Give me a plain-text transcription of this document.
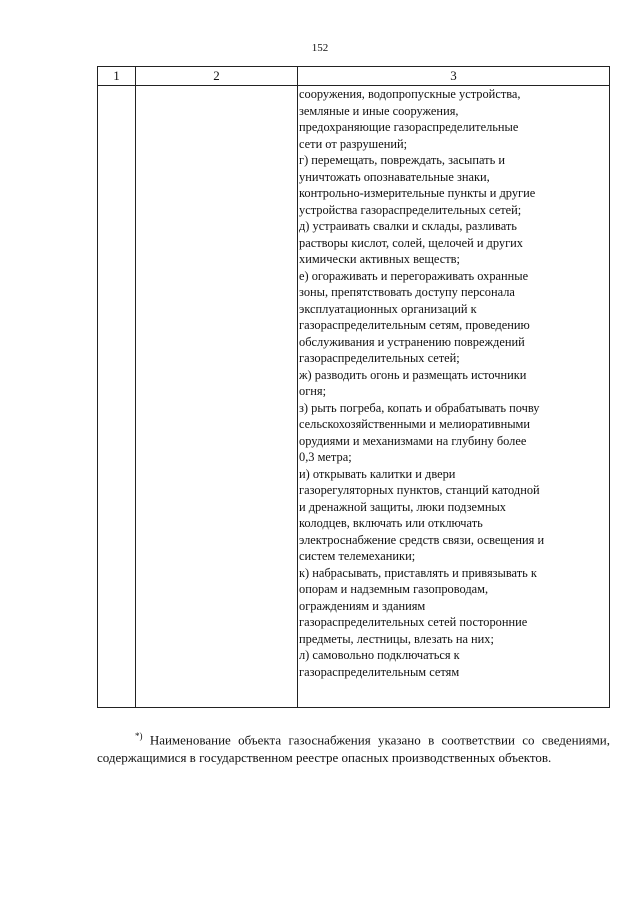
152
1	2	3
сооружения, водопропускные устройства,
земляные и иные сооружения,
предохраняющие газораспределительные
сети от разрушений;
г) перемещать, повреждать, засыпать и
уничтожать опознавательные знаки,
контрольно-измерительные пункты и другие
устройства газораспределительных сетей;
д) устраивать свалки и склады, разливать
растворы кислот, солей, щелочей и других
химически активных веществ;
е) огораживать и перегораживать охранные
зоны, препятствовать доступу персонала
эксплуатационных организаций к
газораспределительным сетям, проведению
обслуживания и устранению повреждений
газораспределительных сетей;
ж) разводить огонь и размещать источники
огня;
з) рыть погреба, копать и обрабатывать почву
сельскохозяйственными и мелиоративными
орудиями и механизмами на глубину более
0,3 метра;
и) открывать калитки и двери
газорегуляторных пунктов, станций катодной
и дренажной защиты, люки подземных
колодцев, включать или отключать
электроснабжение средств связи, освещения и
систем телемеханики;
к) набрасывать, приставлять и привязывать к
опорам и надземным газопроводам,
ограждениям и зданиям
газораспределительных сетей посторонние
предметы, лестницы, влезать на них;
л) самовольно подключаться к
газораспределительным сетям
*) Наименование объекта газоснабжения указано в соответствии со сведениями, содержащимися в государственном реестре опасных производственных объектов.
